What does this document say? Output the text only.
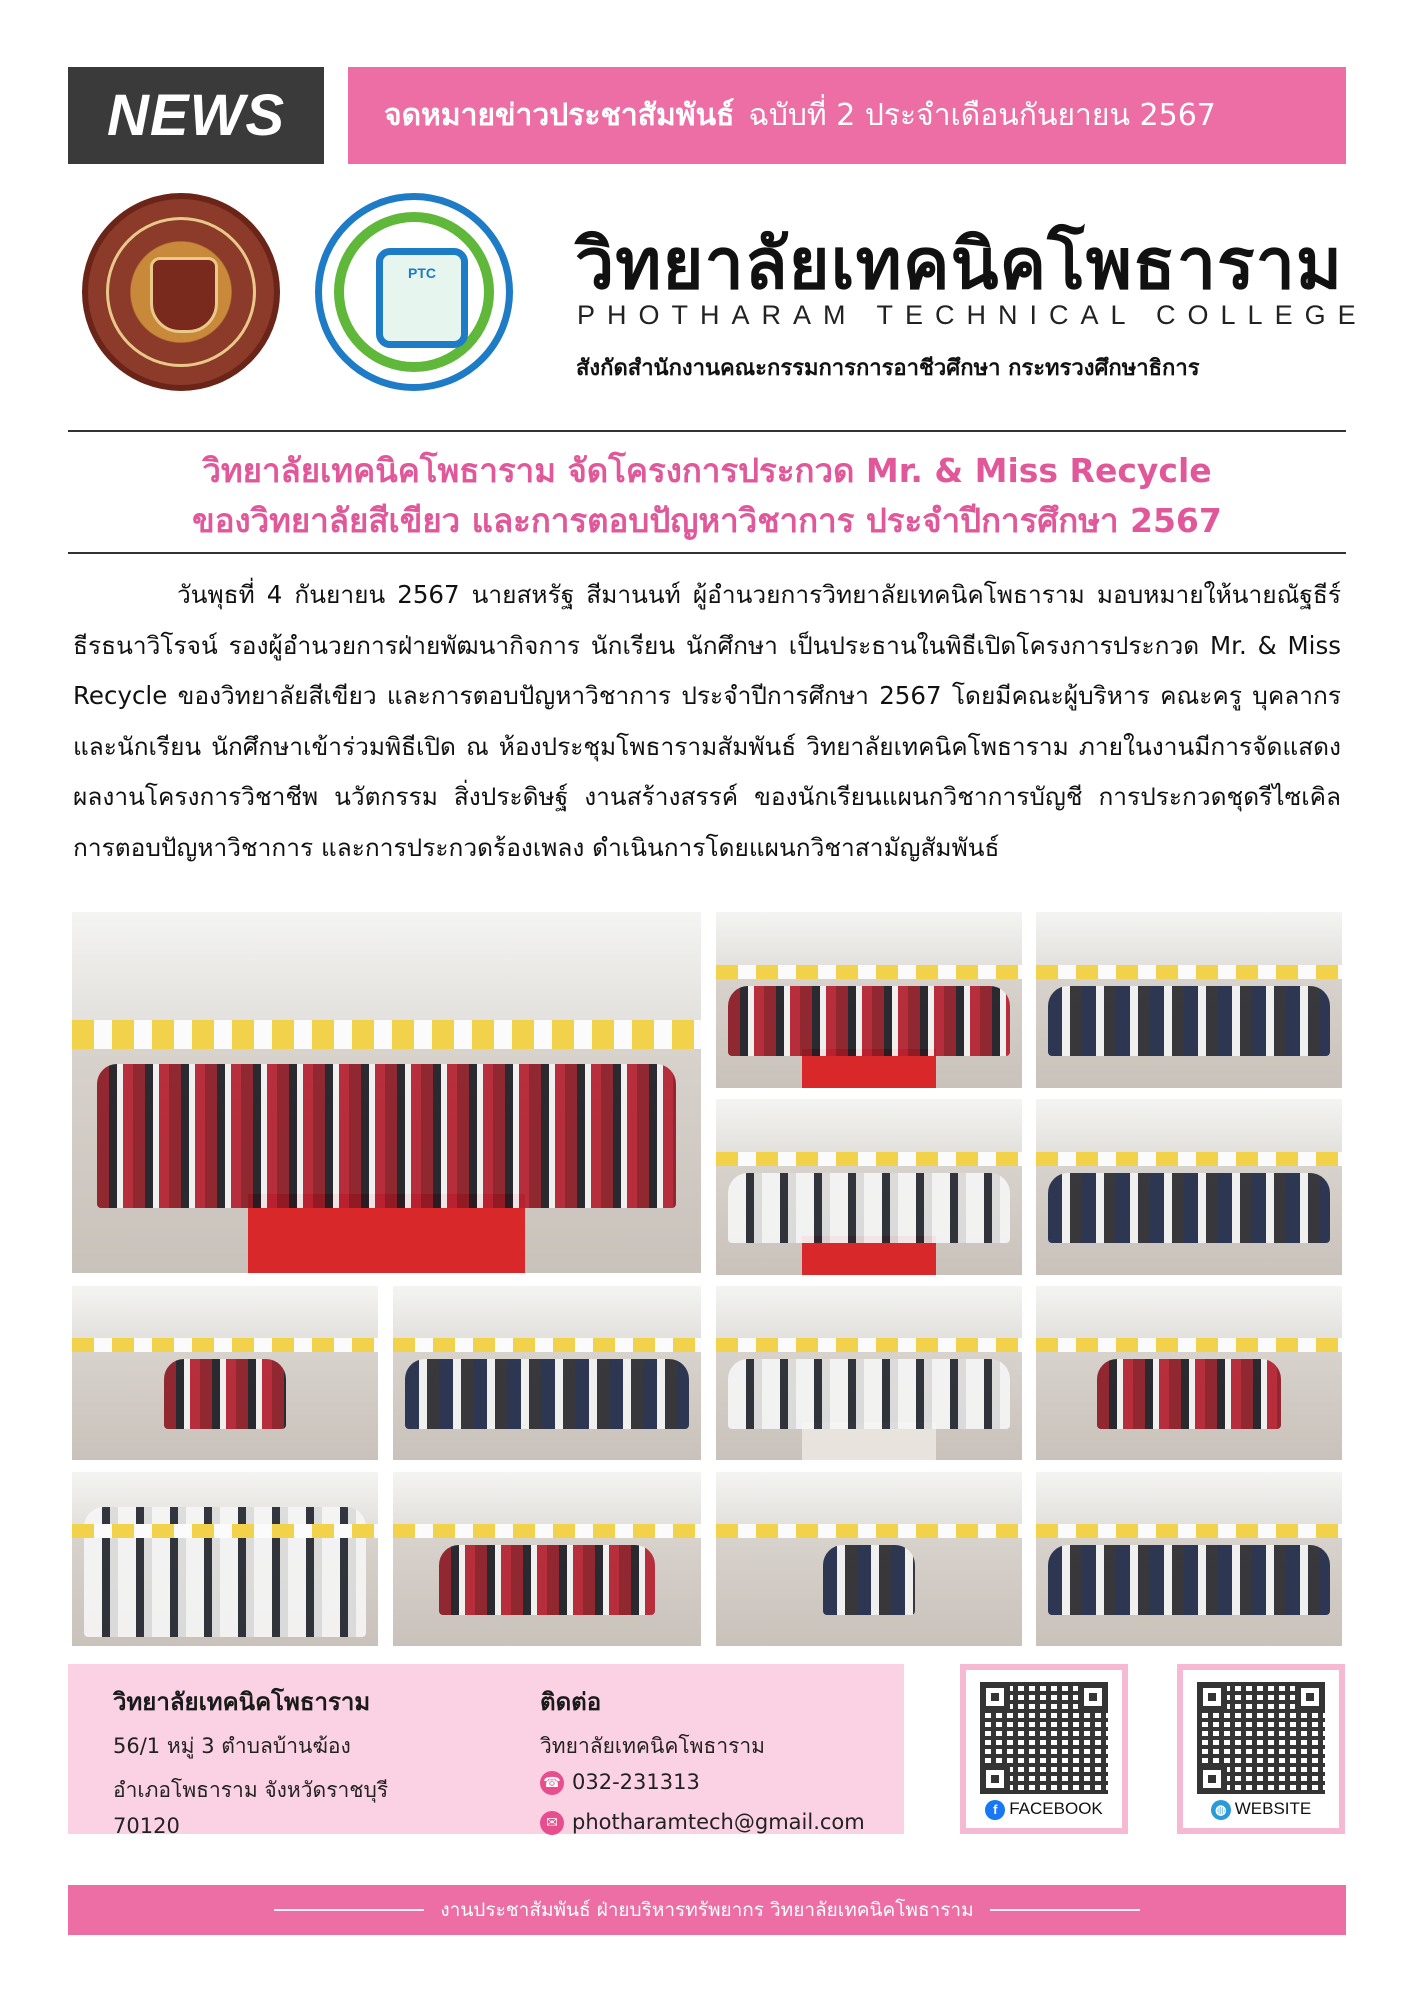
NEWS	จดหมายข่าวประชาสัมพันธ์ ฉบับที่ 2 ประจำเดือนกันยายน 2567
PTC	วิทยาลัยเทคนิคโพธาราม
PHOTHARAM TECHNICAL COLLEGE
สังกัดสำนักงานคณะกรรมการการอาชีวศึกษา กระทรวงศึกษาธิการ
วิทยาลัยเทคนิคโพธาราม จัดโครงการประกวด Mr. & Miss Recycle
ของวิทยาลัยสีเขียว และการตอบปัญหาวิชาการ ประจำปีการศึกษา 2567

วันพุธที่ 4 กันยายน 2567 นายสหรัฐ สีมานนท์ ผู้อำนวยการวิทยาลัยเทคนิคโพธาราม มอบหมายให้นายณัฐธีร์ ธีรธนาวิโรจน์ รองผู้อำนวยการฝ่ายพัฒนากิจการ นักเรียน นักศึกษา เป็นประธานในพิธีเปิดโครงการประกวด Mr. & Miss Recycle ของวิทยาลัยสีเขียว และการตอบปัญหาวิชาการ ประจำปีการศึกษา 2567 โดยมีคณะผู้บริหาร คณะครู บุคลากร และนักเรียน นักศึกษาเข้าร่วมพิธีเปิด ณ ห้องประชุมโพธารามสัมพันธ์ วิทยาลัยเทคนิคโพธาราม ภายในงานมีการจัดแสดงผลงานโครงการวิชาชีพ นวัตกรรม สิ่งประดิษฐ์ งานสร้างสรรค์ ของนักเรียนแผนกวิชาการบัญชี การประกวดชุดรีไซเคิล การตอบปัญหาวิชาการ และการประกวดร้องเพลง ดำเนินการโดยแผนกวิชาสามัญสัมพันธ์

วิทยาลัยเทคนิคโพธาราม
56/1 หมู่ 3 ตำบลบ้านฆ้อง
อำเภอโพธาราม จังหวัดราชบุรี
70120
ติดต่อ
วิทยาลัยเทคนิคโพธาราม
☎ 032-231313
✉ photharamtech@gmail.com
f FACEBOOK	◍ WEBSITE
งานประชาสัมพันธ์ ฝ่ายบริหารทรัพยากร วิทยาลัยเทคนิคโพธาราม
